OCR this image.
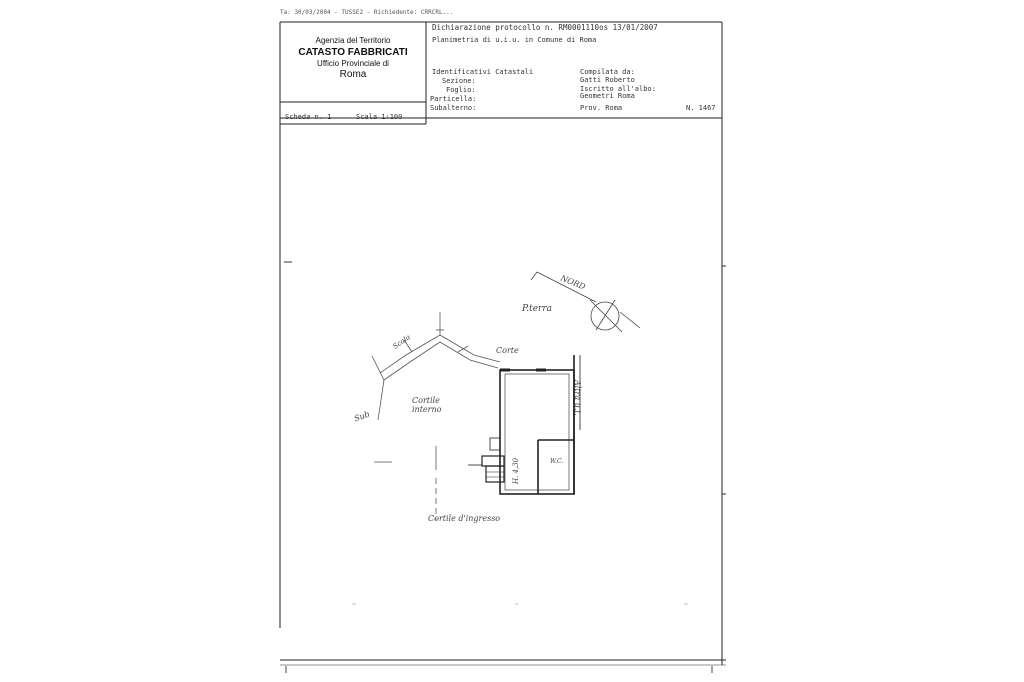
Ta: 30/03/2004 - TUSSE2 - Richiedente: CRRCRL...
Agenzia del Territorio
CATASTO FABBRICATI
Ufficio Provinciale di
Roma
Dichiarazione protocollo n. RM0001110os 13/01/2007
Planimetria di u.i.u. in Comune di Roma
Identificativi Catastali
Sezione:
Foglio:
Particella:
Subalterno:
Compilata da:
Gatti Roberto
Iscritto all'albo:
Geometri Roma
Prov. Roma	N. 1467
Scheda n. 1	Scala 1:100
NORD
P.terra
Corte
Cortile interno
Sub
Altra u.i.
H. 4,30	W.C.
Scala
Cortile d'ingresso
